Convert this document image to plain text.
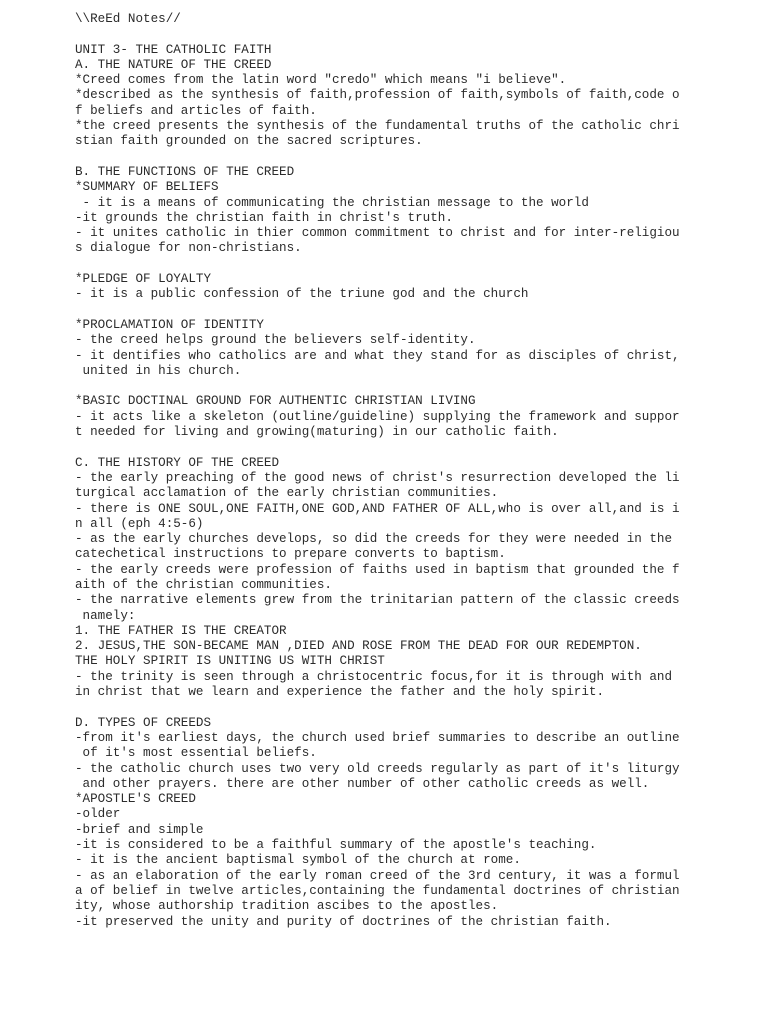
\\ReEd Notes//
UNIT 3- THE CATHOLIC FAITH
A. THE NATURE OF THE CREED
*Creed comes from the latin word "credo" which means "i believe".
*described as the synthesis of faith,profession of faith,symbols of faith,code o
f beliefs and articles of faith.
*the creed presents the synthesis of the fundamental truths of the catholic chri
stian faith grounded on the sacred scriptures.
B. THE FUNCTIONS OF THE CREED
*SUMMARY OF BELIEFS
- it is a means of communicating the christian message to the world
-it grounds the christian faith in christ's truth.
- it unites catholic in thier common commitment to christ and for inter-religiou
s dialogue for non-christians.
*PLEDGE OF LOYALTY
- it is a public confession of the triune god and the church
*PROCLAMATION OF IDENTITY
- the creed helps ground the believers self-identity.
- it dentifies who catholics are and what they stand for as disciples of christ,
united in his church.
*BASIC DOCTINAL GROUND FOR AUTHENTIC CHRISTIAN LIVING
- it acts like a skeleton (outline/guideline) supplying the framework and suppor
t needed for living and growing(maturing) in our catholic faith.
C. THE HISTORY OF THE CREED
- the early preaching of the good news of christ's resurrection developed the li
turgical acclamation of the early christian communities.
- there is ONE SOUL,ONE FAITH,ONE GOD,AND FATHER OF ALL,who is over all,and is i
n all (eph 4:5-6)
- as the early churches develops, so did the creeds for they were needed in the
catechetical instructions to prepare converts to baptism.
- the early creeds were profession of faiths used in baptism that grounded the f
aith of the christian communities.
- the narrative elements grew from the trinitarian pattern of the classic creeds
namely:
1. THE FATHER IS THE CREATOR
2. JESUS,THE SON-BECAME MAN ,DIED AND ROSE FROM THE DEAD FOR OUR REDEMPTON.
THE HOLY SPIRIT IS UNITING US WITH CHRIST
- the trinity is seen through a christocentric focus,for it is through with and
in christ that we learn and experience the father and the holy spirit.
D. TYPES OF CREEDS
-from it's earliest days, the church used brief summaries to describe an outline
of it's most essential beliefs.
- the catholic church uses two very old creeds regularly as part of it's liturgy
and other prayers. there are other number of other catholic creeds as well.
*APOSTLE'S CREED
-older
-brief and simple
-it is considered to be a faithful summary of the apostle's teaching.
- it is the ancient baptismal symbol of the church at rome.
- as an elaboration of the early roman creed of the 3rd century, it was a formul
a of belief in twelve articles,containing the fundamental doctrines of christian
ity, whose authorship tradition ascibes to the apostles.
-it preserved the unity and purity of doctrines of the christian faith.
